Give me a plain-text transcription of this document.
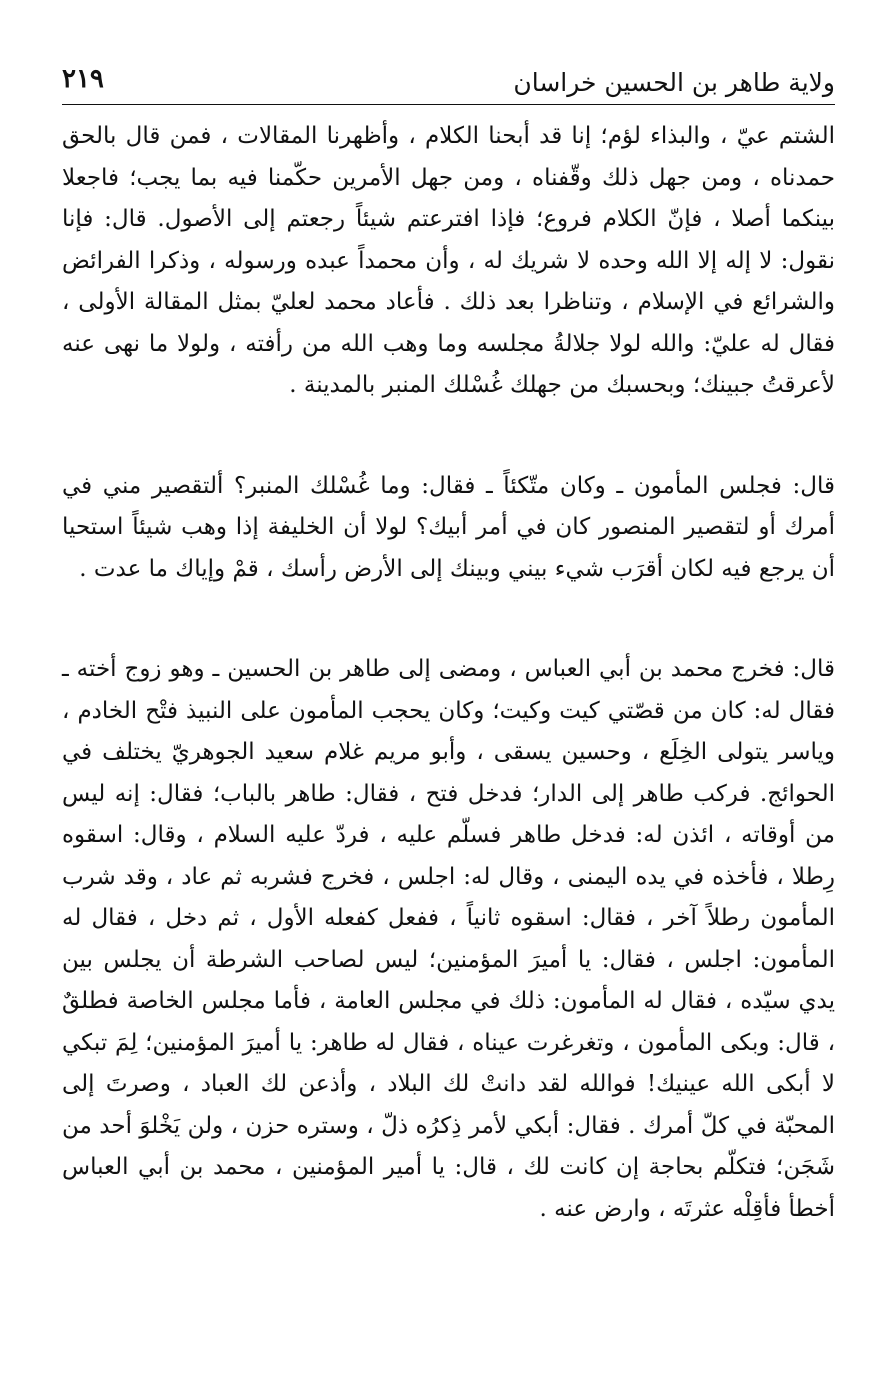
ولاية طاهر بن الحسين خراسان
٢١٩

الشتم عيّ ، والبذاء لؤم؛ إنا قد أبحنا الكلام ، وأظهرنا المقالات ، فمن قال بالحق حمدناه ، ومن جهل ذلك وقّفناه ، ومن جهل الأمرين حكّمنا فيه بما يجب؛ فاجعلا بينكما أصلا ، فإنّ الكلام فروع؛ فإذا افترعتم شيئاً رجعتم إلى الأصول. قال: فإنا نقول: لا إله إلا الله وحده لا شريك له ، وأن محمداً عبده ورسوله ، وذكرا الفرائض والشرائع في الإسلام ، وتناظرا بعد ذلك . فأعاد محمد لعليّ بمثل المقالة الأولى ، فقال له عليّ: والله لولا جلالةُ مجلسه وما وهب الله من رأفته ، ولولا ما نهى عنه لأعرقتُ جبينك؛ وبحسبك من جهلك غُسْلك المنبر بالمدينة .

قال: فجلس المأمون ـ وكان متّكئاً ـ فقال: وما غُسْلك المنبر؟ ألتقصير مني في أمرك أو لتقصير المنصور كان في أمر أبيك؟ لولا أن الخليفة إذا وهب شيئاً استحيا أن يرجع فيه لكان أقرَب شيء بيني وبينك إلى الأرض رأسك ، قمْ وإياك ما عدت .

قال: فخرج محمد بن أبي العباس ، ومضى إلى طاهر بن الحسين ـ وهو زوج أخته ـ فقال له: كان من قصّتي كيت وكيت؛ وكان يحجب المأمون على النبيذ فتْح الخادم ، وياسر يتولى الخِلَع ، وحسين يسقى ، وأبو مريم غلام سعيد الجوهريّ يختلف في الحوائج. فركب طاهر إلى الدار؛ فدخل فتح ، فقال: طاهر بالباب؛ فقال: إنه ليس من أوقاته ، ائذن له: فدخل طاهر فسلّم عليه ، فردّ عليه السلام ، وقال: اسقوه رِطلا ، فأخذه في يده اليمنى ، وقال له: اجلس ، فخرج فشربه ثم عاد ، وقد شرب المأمون رطلاً آخر ، فقال: اسقوه ثانياً ، ففعل كفعله الأول ، ثم دخل ، فقال له المأمون: اجلس ، فقال: يا أميرَ المؤمنين؛ ليس لصاحب الشرطة أن يجلس بين يدي سيّده ، فقال له المأمون: ذلك في مجلس العامة ، فأما مجلس الخاصة فطلقٌ ، قال: وبكى المأمون ، وتغرغرت عيناه ، فقال له طاهر: يا أميرَ المؤمنين؛ لِمَ تبكي لا أبكى الله عينيك! فوالله لقد دانتْ لك البلاد ، وأذعن لك العباد ، وصرتَ إلى المحبّة في كلّ أمرك . فقال: أبكي لأمر ذِكرُه ذلّ ، وستره حزن ، ولن يَخْلوَ أحد من شَجَن؛ فتكلّم بحاجة إن كانت لك ، قال: يا أمير المؤمنين ، محمد بن أبي العباس أخطأ فأقِلْه عثرتَه ، وارض عنه .
